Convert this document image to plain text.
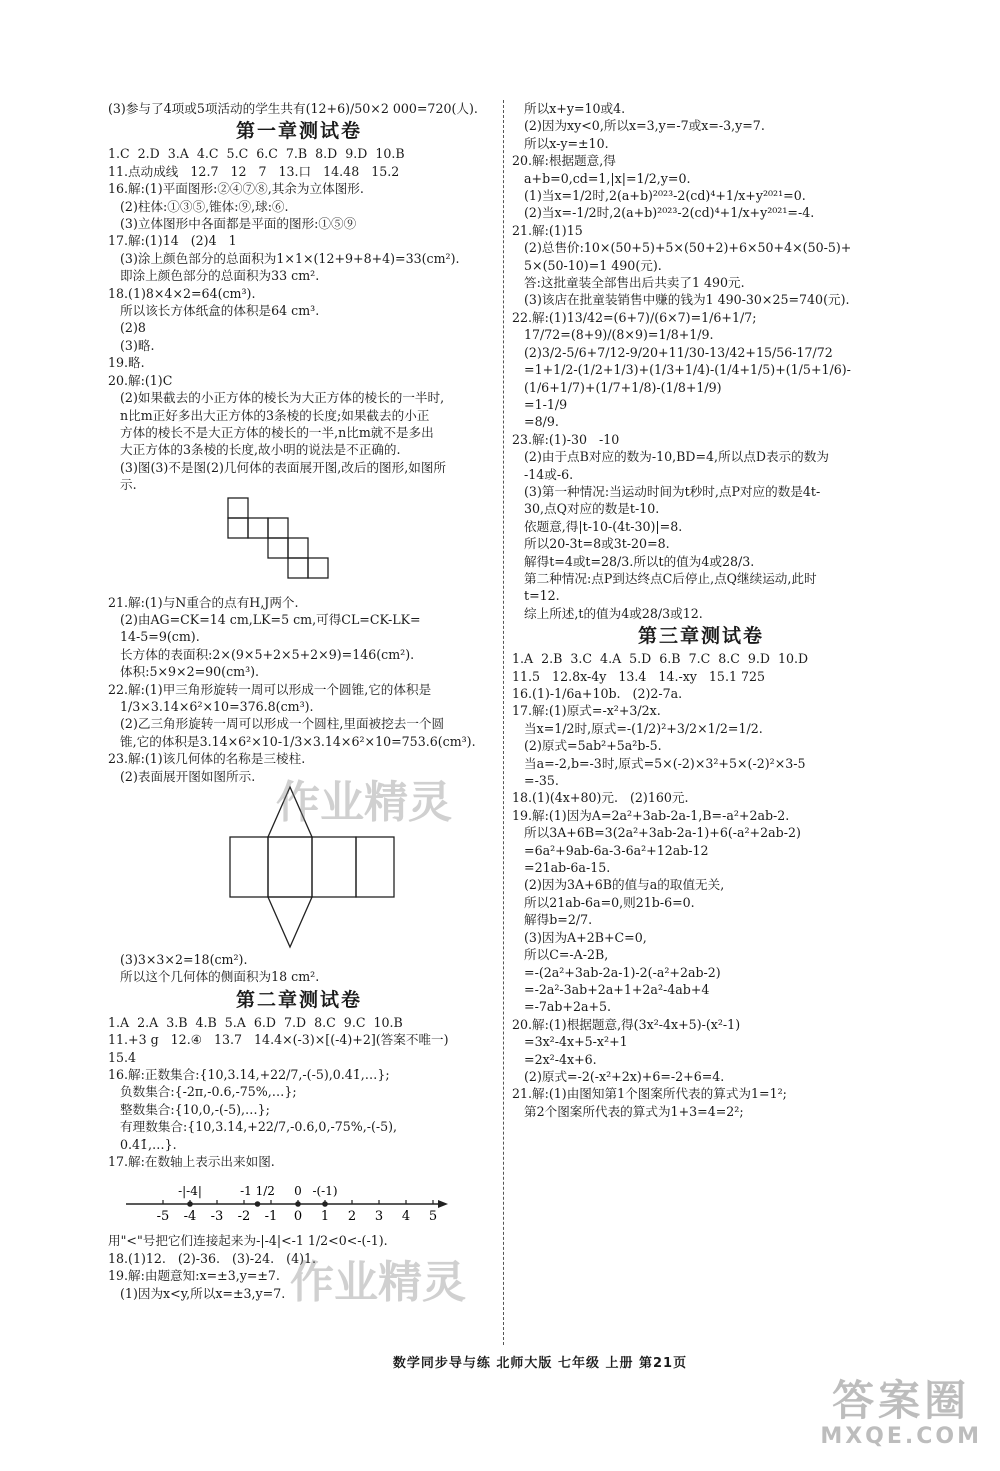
(3)参与了4项或5项活动的学生共有(12+6)/50×2 000=720(人).
第一章测试卷
1.C  2.D  3.A  4.C  5.C  6.C  7.B  8.D  9.D  10.B
11.点动成线   12.7   12   7   13.口   14.48   15.2
16.解:(1)平面图形:②④⑦⑧,其余为立体图形.
(2)柱体:①③⑤,锥体:⑨,球:⑥.
(3)立体图形中各面都是平面的图形:①⑤⑨
17.解:(1)14   (2)4   1
(3)涂上颜色部分的总面积为1×1×(12+9+8+4)=33(cm²).
即涂上颜色部分的总面积为33 cm².
18.(1)8×4×2=64(cm³).
所以该长方体纸盒的体积是64 cm³.
(2)8
(3)略.
19.略.
20.解:(1)C
(2)如果截去的小正方体的棱长为大正方体的棱长的一半时,
n比m正好多出大正方体的3条棱的长度;如果截去的小正
方体的棱长不是大正方体的棱长的一半,n比m就不是多出
大正方体的3条棱的长度,故小明的说法是不正确的.
(3)图(3)不是图(2)几何体的表面展开图,改后的图形,如图所
示.
21.解:(1)与N重合的点有H,J两个.
(2)由AG=CK=14 cm,LK=5 cm,可得CL=CK-LK=
14-5=9(cm).
长方体的表面积:2×(9×5+2×5+2×9)=146(cm²).
体积:5×9×2=90(cm³).
22.解:(1)甲三角形旋转一周可以形成一个圆锥,它的体积是
1/3×3.14×6²×10=376.8(cm³).
(2)乙三角形旋转一周可以形成一个圆柱,里面被挖去一个圆
锥,它的体积是3.14×6²×10-1/3×3.14×6²×10=753.6(cm³).
23.解:(1)该几何体的名称是三棱柱.
(2)表面展开图如图所示.
(3)3×3×2=18(cm²).
所以这个几何体的侧面积为18 cm².
第二章测试卷
1.A  2.A  3.B  4.B  5.A  6.D  7.D  8.C  9.C  10.B
11.+3 g   12.④   13.7   14.4×(-3)×[(-4)+2](答案不唯一)
15.4
16.解:正数集合:{10,3.14,+22/7,-(-5),0.4̇1̇,…};
负数集合:{-2π,-0.6,-75%,…};
整数集合:{10,0,-(-5),…};
有理数集合:{10,3.14,+22/7,-0.6,0,-75%,-(-5),
0.4̇1̇,…}.
17.解:在数轴上表示出来如图.
-5 -4 -3 -2 -1 0 1 2 3 4 5
-|-4|	-1 1/2 0 -(-1)
用"<"号把它们连接起来为-|-4|<-1 1/2<0<-(-1).
18.(1)12.   (2)-36.   (3)-24.   (4)1.
19.解:由题意知:x=±3,y=±7.
(1)因为x<y,所以x=±3,y=7.
所以x+y=10或4.
(2)因为xy<0,所以x=3,y=-7或x=-3,y=7.
所以x-y=±10.
20.解:根据题意,得
a+b=0,cd=1,|x|=1/2,y=0.
(1)当x=1/2时,2(a+b)²⁰²³-2(cd)⁴+1/x+y²⁰²¹=0.
(2)当x=-1/2时,2(a+b)²⁰²³-2(cd)⁴+1/x+y²⁰²¹=-4.
21.解:(1)15
(2)总售价:10×(50+5)+5×(50+2)+6×50+4×(50-5)+
5×(50-10)=1 490(元).
答:这批童装全部售出后共卖了1 490元.
(3)该店在批童装销售中赚的钱为1 490-30×25=740(元).
22.解:(1)13/42=(6+7)/(6×7)=1/6+1/7;
17/72=(8+9)/(8×9)=1/8+1/9.
(2)3/2-5/6+7/12-9/20+11/30-13/42+15/56-17/72
=1+1/2-(1/2+1/3)+(1/3+1/4)-(1/4+1/5)+(1/5+1/6)-
(1/6+1/7)+(1/7+1/8)-(1/8+1/9)
=1-1/9
=8/9.
23.解:(1)-30   -10
(2)由于点B对应的数为-10,BD=4,所以点D表示的数为
-14或-6.
(3)第一种情况:当运动时间为t秒时,点P对应的数是4t-
30,点Q对应的数是t-10.
依题意,得|t-10-(4t-30)|=8.
所以20-3t=8或3t-20=8.
解得t=4或t=28/3.所以t的值为4或28/3.
第二种情况:点P到达终点C后停止,点Q继续运动,此时
t=12.
综上所述,t的值为4或28/3或12.
第三章测试卷
1.A  2.B  3.C  4.A  5.D  6.B  7.C  8.C  9.D  10.D
11.5   12.8x-4y   13.4   14.-xy   15.1 725
16.(1)-1/6a+10b.   (2)2-7a.
17.解:(1)原式=-x²+3/2x.
当x=1/2时,原式=-(1/2)²+3/2×1/2=1/2.
(2)原式=5ab²+5a²b-5.
当a=-2,b=-3时,原式=5×(-2)×3²+5×(-2)²×3-5
=-35.
18.(1)(4x+80)元.   (2)160元.
19.解:(1)因为A=2a²+3ab-2a-1,B=-a²+2ab-2.
所以3A+6B=3(2a²+3ab-2a-1)+6(-a²+2ab-2)
=6a²+9ab-6a-3-6a²+12ab-12
=21ab-6a-15.
(2)因为3A+6B的值与a的取值无关,
所以21ab-6a=0,则21b-6=0.
解得b=2/7.
(3)因为A+2B+C=0,
所以C=-A-2B,
=-(2a²+3ab-2a-1)-2(-a²+2ab-2)
=-2a²-3ab+2a+1+2a²-4ab+4
=-7ab+2a+5.
20.解:(1)根据题意,得(3x²-4x+5)-(x²-1)
=3x²-4x+5-x²+1
=2x²-4x+6.
(2)原式=-2(-x²+2x)+6=-2+6=4.
21.解:(1)由图知第1个图案所代表的算式为1=1²;
第2个图案所代表的算式为1+3=4=2²;
作业精灵
作业精灵
数学同步导与练 北师大版 七年级 上册 第21页
答案圈
MXQE.COM
